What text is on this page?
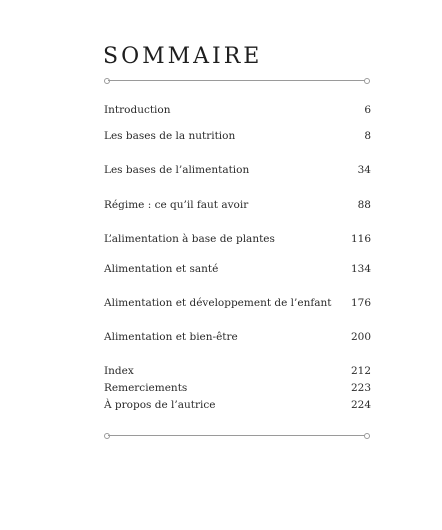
SOMMAIRE
Introduction	6
Les bases de la nutrition	8
Les bases de l’alimentation	34
Régime : ce qu’il faut avoir	88
L’alimentation à base de plantes	116
Alimentation et santé	134
Alimentation et développement de l’enfant 176
Alimentation et bien-être	200
Index	212
Remerciements	223
À propos de l’autrice	224
